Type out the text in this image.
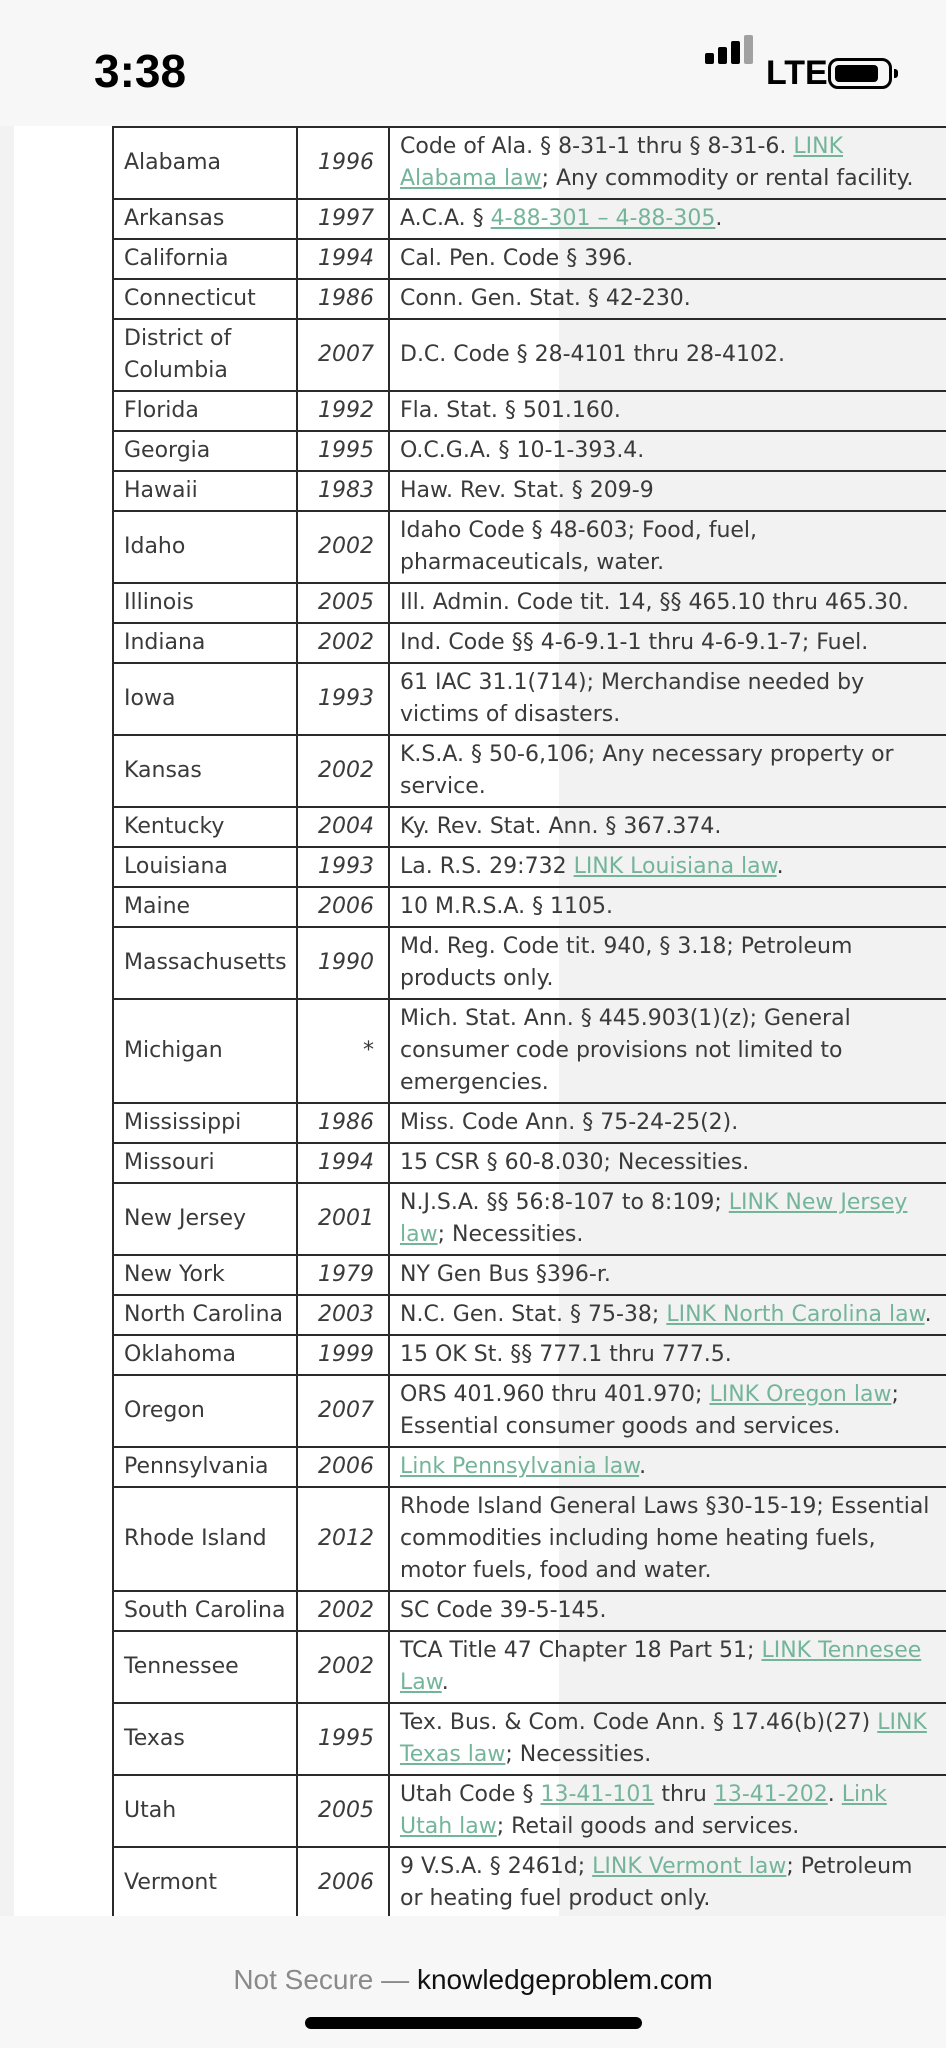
3:38	LTE
Alabama	1996	Code of Ala. § 8-31-1 thru § 8-31-6. LINK Alabama law; Any commodity or rental facility.
Arkansas	1997	A.C.A. § 4-88-301 – 4-88-305.
California	1994	Cal. Pen. Code § 396.
Connecticut	1986	Conn. Gen. Stat. § 42-230.
District of Columbia	2007	D.C. Code § 28-4101 thru 28-4102.
Florida	1992	Fla. Stat. § 501.160.
Georgia	1995	O.C.G.A. § 10-1-393.4.
Hawaii	1983	Haw. Rev. Stat. § 209-9
Idaho	2002	Idaho Code § 48-603; Food, fuel, pharmaceuticals, water.
Illinois	2005	Ill. Admin. Code tit. 14, §§ 465.10 thru 465.30.
Indiana	2002	Ind. Code §§ 4-6-9.1-1 thru 4-6-9.1-7; Fuel.
Iowa	1993	61 IAC 31.1(714); Merchandise needed by victims of disasters.
Kansas	2002	K.S.A. § 50-6,106; Any necessary property or service.
Kentucky	2004	Ky. Rev. Stat. Ann. § 367.374.
Louisiana	1993	La. R.S. 29:732 LINK Louisiana law.
Maine	2006	10 M.R.S.A. § 1105.
Massachusetts	1990	Md. Reg. Code tit. 940, § 3.18; Petroleum products only.
Michigan	*	Mich. Stat. Ann. § 445.903(1)(z); General consumer code provisions not limited to emergencies.
Mississippi	1986	Miss. Code Ann. § 75-24-25(2).
Missouri	1994	15 CSR § 60-8.030; Necessities.
New Jersey	2001	N.J.S.A. §§ 56:8-107 to 8:109; LINK New Jersey law; Necessities.
New York	1979	NY Gen Bus §396-r.
North Carolina	2003	N.C. Gen. Stat. § 75-38; LINK North Carolina law.
Oklahoma	1999	15 OK St. §§ 777.1 thru 777.5.
Oregon	2007	ORS 401.960 thru 401.970; LINK Oregon law; Essential consumer goods and services.
Pennsylvania	2006	Link Pennsylvania law.
Rhode Island	2012	Rhode Island General Laws §30-15-19; Essential commodities including home heating fuels, motor fuels, food and water.
South Carolina	2002	SC Code 39-5-145.
Tennessee	2002	TCA Title 47 Chapter 18 Part 51; LINK Tennesee Law.
Texas	1995	Tex. Bus. & Com. Code Ann. § 17.46(b)(27) LINK Texas law; Necessities.
Utah	2005	Utah Code § 13-41-101 thru 13-41-202. Link Utah law; Retail goods and services.
Vermont	2006	9 V.S.A. § 2461d; LINK Vermont law; Petroleum or heating fuel product only.

Not Secure — knowledgeproblem.com
